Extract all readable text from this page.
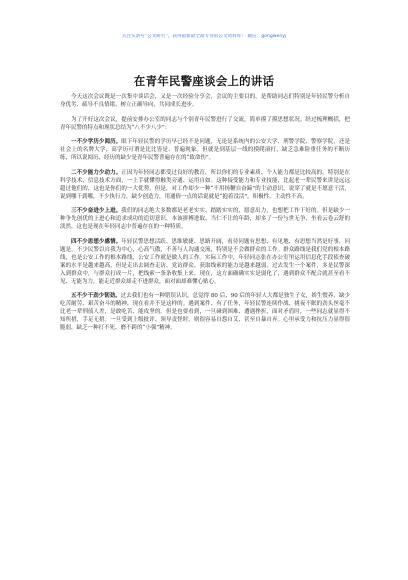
关注头条号“公文研究”，获得最新最全最专业的公文资料库！ 微信：gongwenyj
在青年民警座谈会上的讲话

今天这次会议既是一次集中谈话会，又是一次经验分享会，会议的主要目的，是帮助同志们特别是年轻民警分析自身优劣、疏导不良情绪、树立正确导向、共同成长进步。

为了开好这次会议，提前安排办公室的同志与个别青年民警进行了交流，简单摸了摸思想状况。经过梳理概括，把青年民警的特点和现状总结为“八不少八少”：

一不少学历少阅历。眼下年轻民警的学历早已经不是问题，无论是系统内的公安大学、刑警学院、警察学院，还是社会上的名牌大学，高学历可谓是比比皆是、普遍现象。但就是到基层一线的摸爬滚打，缺乏急难险重任务的不断历练，所以说阅历、经历的缺少是青年民警普遍存在的“致命伤”。

二不少能力少动力。正因为年轻同志都受过良好的教育，所以你们的专业素质、个人能力都是比较高的，特别是在科学技术、信息技术方面，一上手就懂得触类旁通、运用自如。这种接受能力和专业技能，比起老一辈民警来讲是远远超过他们的，这也是你们的一大优势。但是，对工作却少一种“不用扬鞭自奋蹄”的主动意识，说穿了就是不愿意干活，说到哪干到哪，不少执行力，缺少创造力，用通俗一点的话说就是“抱着没活”，积极性、主动性不高。

三不少奋进少上进。我们的同志绝大多数都是老老实实、踏踏实实的，愿意出力，也想把工作干好的。但是缺少一种争先创优的上进心和追求成功的追切意识，本该拼搏进取、当仁不让的年龄，却多了一份与世无争、坐看云卷云舒的淡然。这也是现在年轻同志中普遍存在的一种特质。

四不少思想少感情。年轻民警思想活跃、思维敏捷、思路开阔，看待问题有思想、有见地、有思想当然是好事，问题是，不少民警以自我为中心，心高气傲，不善与人沟通交流，特别是不会做群众的工作。群众路线是我们党的根本路线，也是公安工作的根本路线，公安工作就是做人的工作。实际工作中，年轻同志张在办公室里运用信息化手段侦查破案的水平是越来越高，但是走出去调查走访、党访群众、获取线索的能力是越来越弱。过去发生一个案件，多是民警深入到群众中，与群众打成一片，把线索一条条收集上来。现在，这方面确确实实是弱化了，遇到群众不配合就甚至看不见、无能为力，能走近群众却走不进群众，面对面却难懂心贴心。

五不少干劲少韧劲。过去我们也有一种错误认识，总觉得 80 后、90 后的年轻人大都是独生子女，娇生惯养，缺少吃苦耐劳、艰苦奋斗的精神，现在看并不是这样的。遇到案件、有了任务，年轻民警连续作战、挑夜不眠的劲头丝毫不比老一辈刑侦人差，是敢吃苦、能攻坚的。但是也要看到，一旦碰到困难、遭遇挫折，面对矛盾时，一些同志就显得不知所措，手足无措。一旦受到上级批评、领导责怪时，则很容易自怨自艾，甚至自暴自弃。心里承受力和抗压力显得很脆弱，缺乏一种打不死、磨不跨的“小强”精神。
